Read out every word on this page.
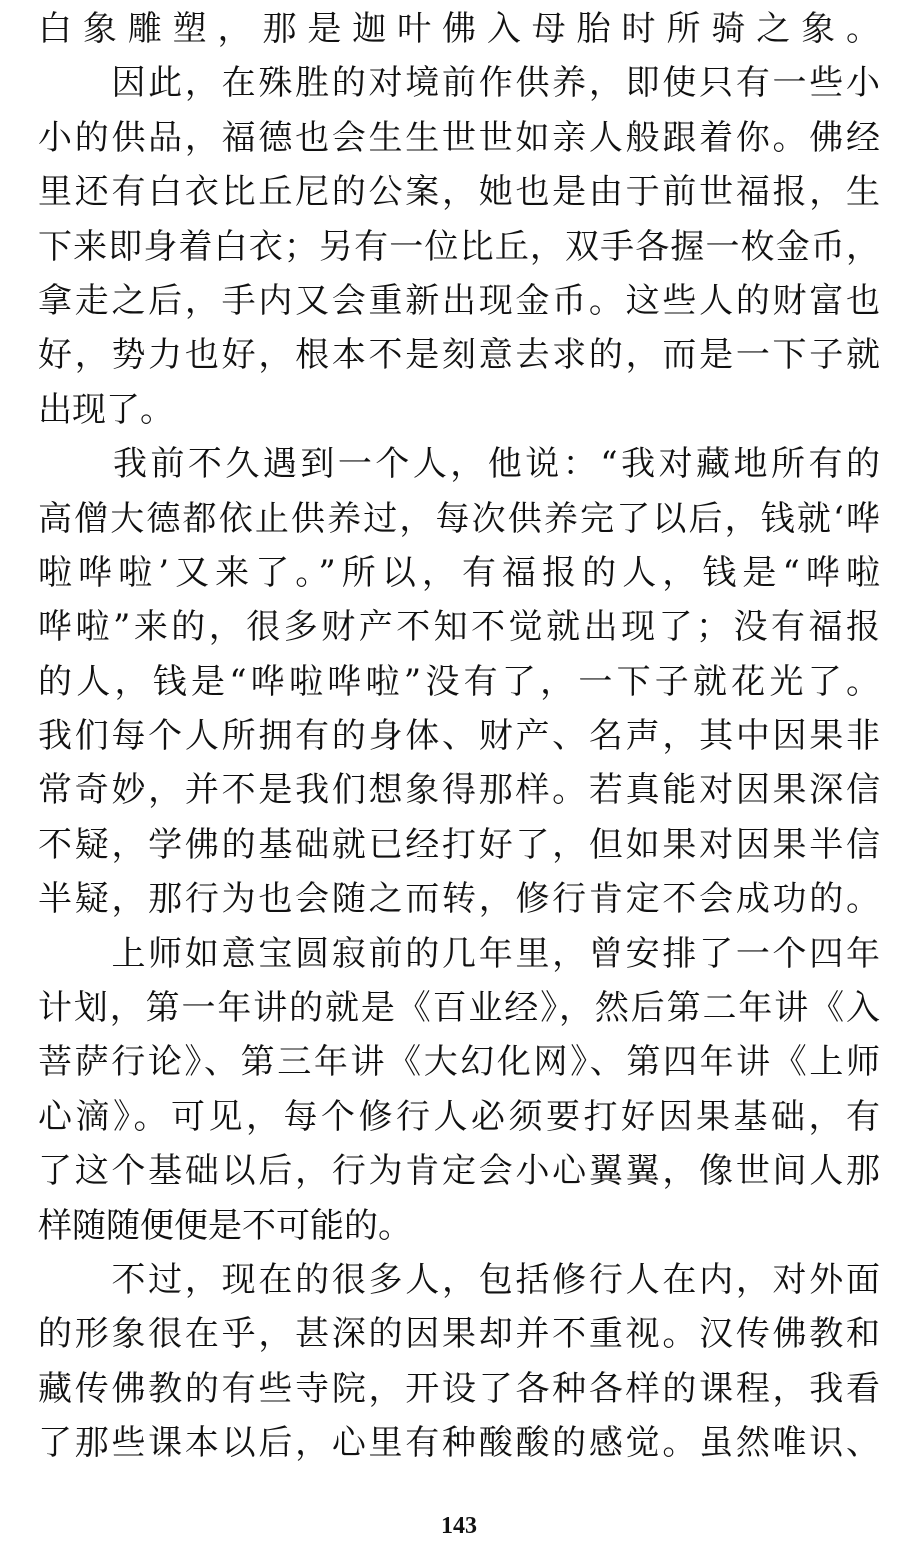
白象雕塑，那是迦叶佛入母胎时所骑之象。
　　因此，在殊胜的对境前作供养，即使只有一些小
小的供品，福德也会生生世世如亲人般跟着你。佛经
里还有白衣比丘尼的公案，她也是由于前世福报，生
下来即身着白衣；另有一位比丘，双手各握一枚金币，
拿走之后，手内又会重新出现金币。这些人的财富也
好，势力也好，根本不是刻意去求的，而是一下子就
出现了。
　　我前不久遇到一个人，他说：“我对藏地所有的
高僧大德都依止供养过，每次供养完了以后，钱就‘哗
啦哗啦’又来了。”所以，有福报的人，钱是“哗啦
哗啦”来的，很多财产不知不觉就出现了；没有福报
的人，钱是“哗啦哗啦”没有了，一下子就花光了。
我们每个人所拥有的身体、财产、名声，其中因果非
常奇妙，并不是我们想象得那样。若真能对因果深信
不疑，学佛的基础就已经打好了，但如果对因果半信
半疑，那行为也会随之而转，修行肯定不会成功的。
　　上师如意宝圆寂前的几年里，曾安排了一个四年
计划，第一年讲的就是《百业经》，然后第二年讲《入
菩萨行论》、第三年讲《大幻化网》、第四年讲《上师
心滴》。可见，每个修行人必须要打好因果基础，有
了这个基础以后，行为肯定会小心翼翼，像世间人那
样随随便便是不可能的。
　　不过，现在的很多人，包括修行人在内，对外面
的形象很在乎，甚深的因果却并不重视。汉传佛教和
藏传佛教的有些寺院，开设了各种各样的课程，我看
了那些课本以后，心里有种酸酸的感觉。虽然唯识、
143
